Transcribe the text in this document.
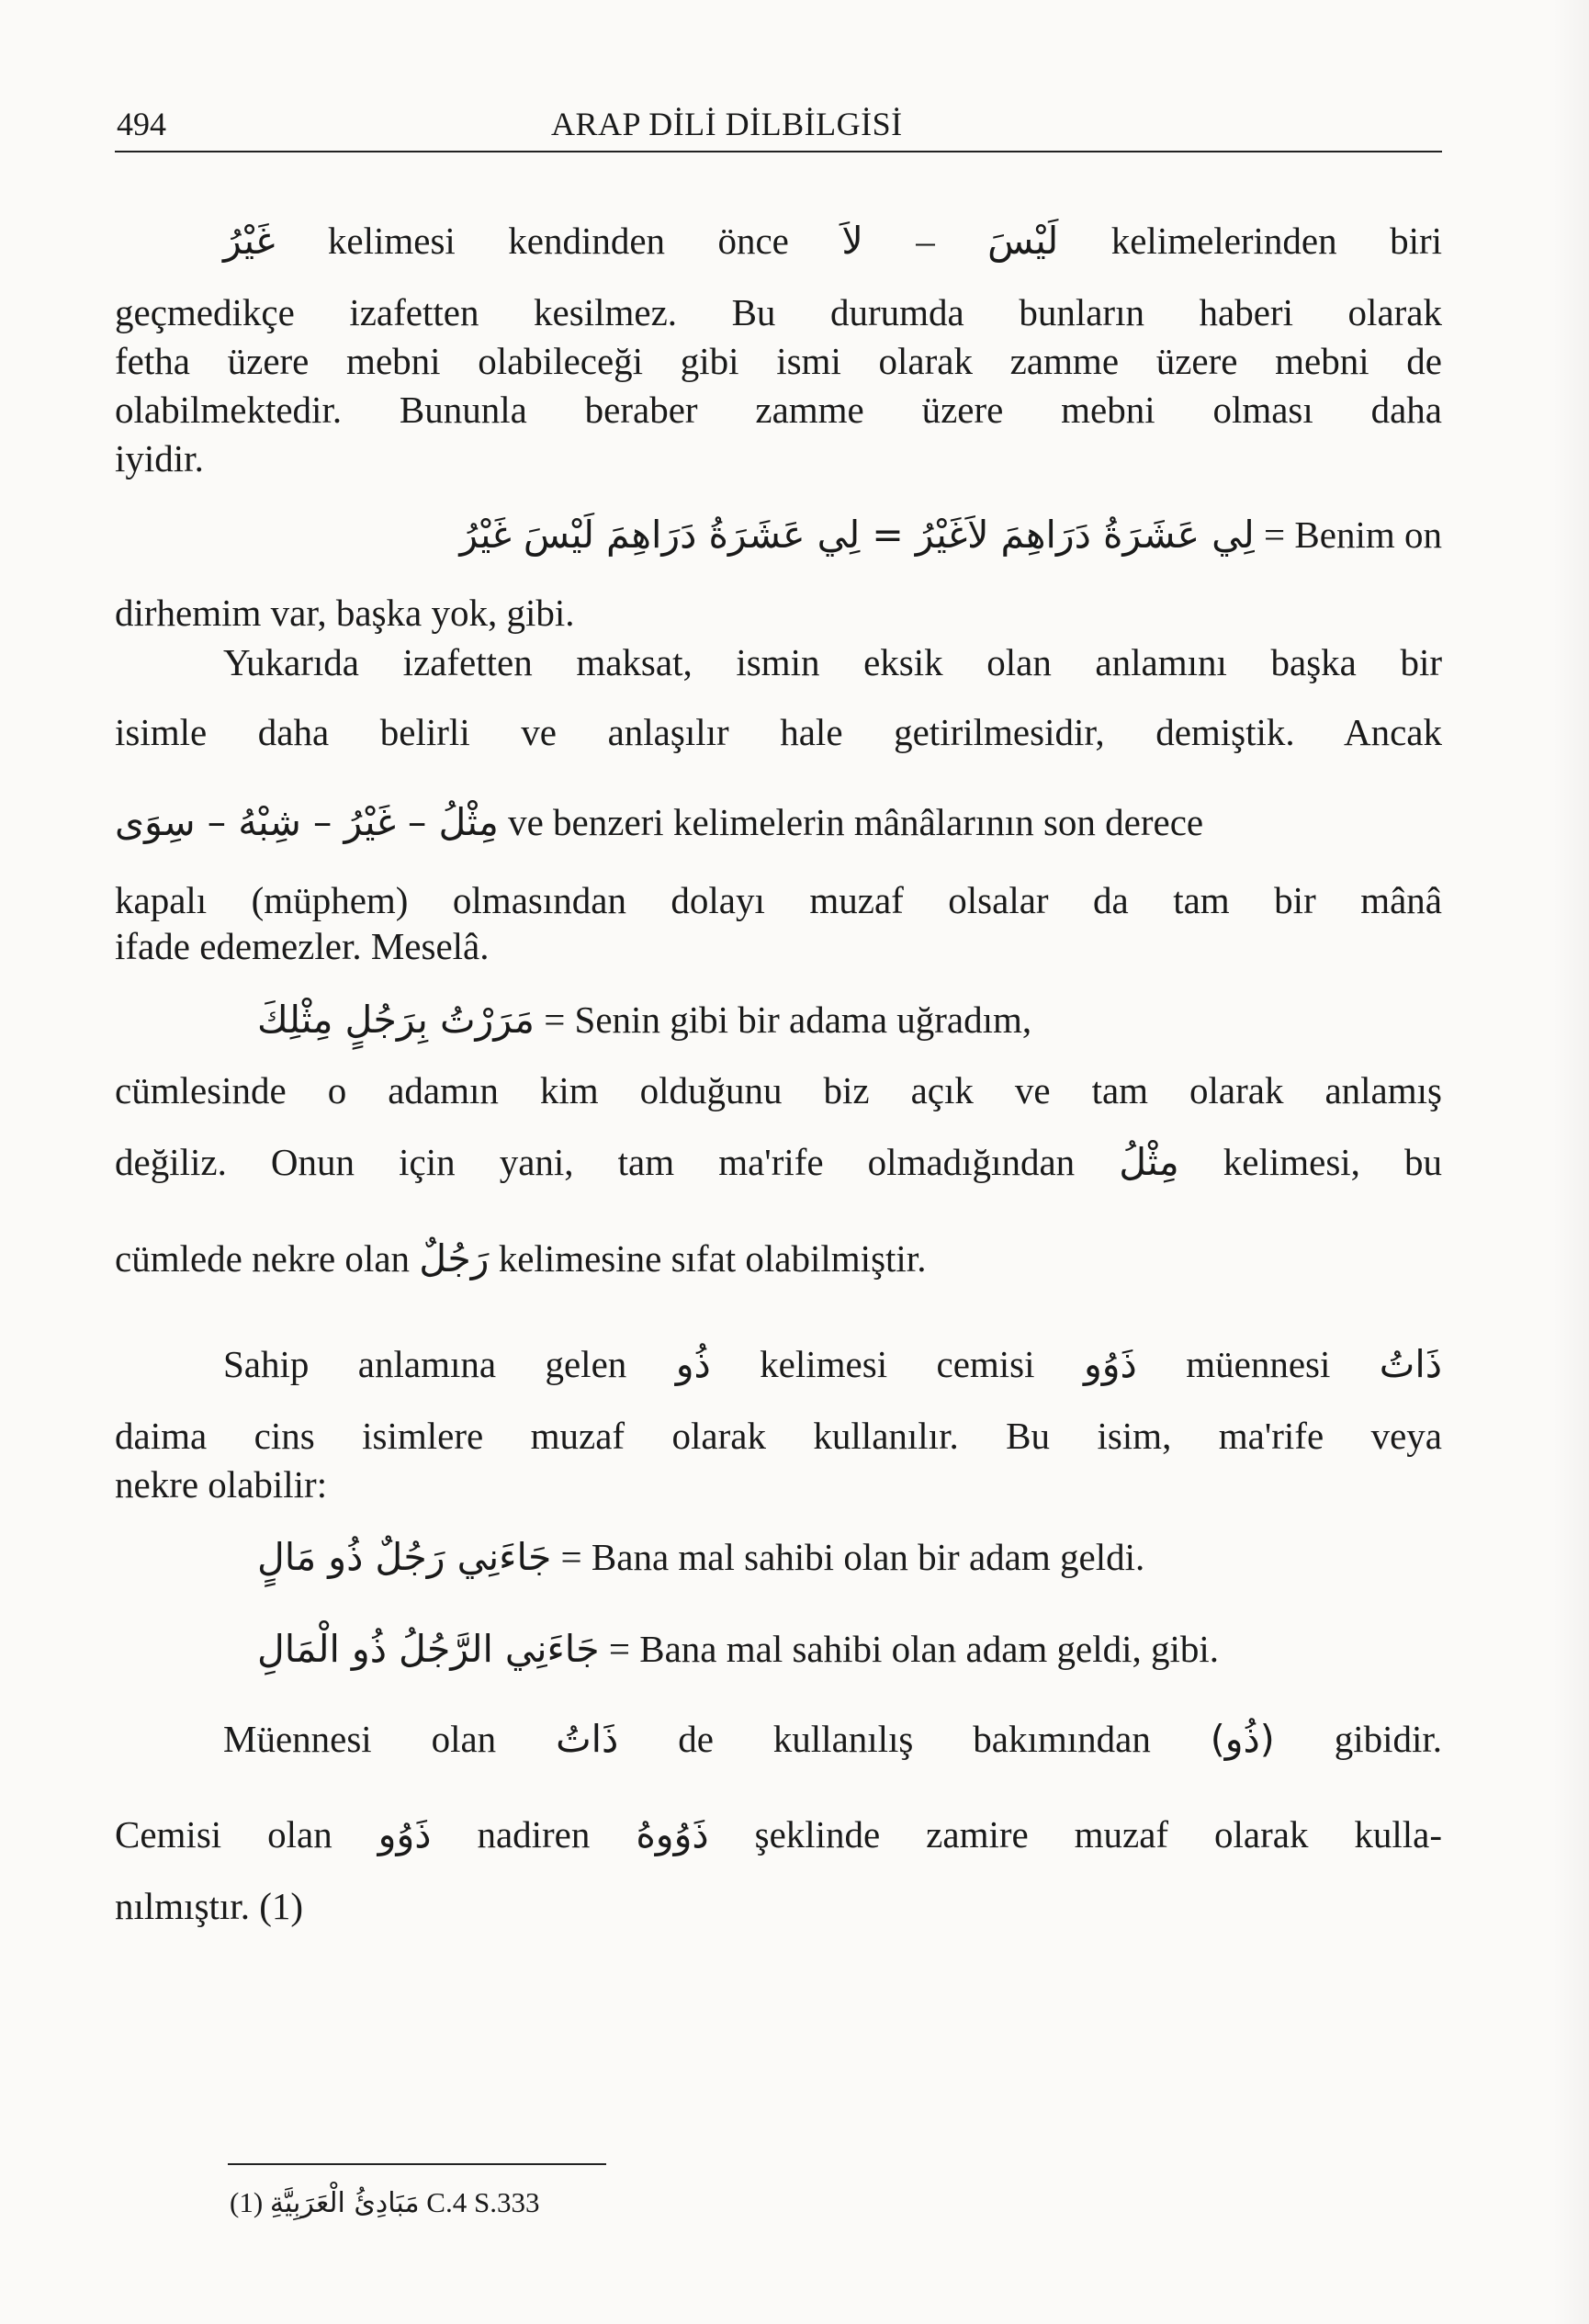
494	ARAP DİLİ DİLBİLGİSİ
غَيْرُ kelimesi kendinden önce لاَ – لَيْسَ kelimelerinden biri
geçmedikçe izafetten kesilmez. Bu durumda bunların haberi olarak
fetha üzere mebni olabileceği gibi ismi olarak zamme üzere mebni de
olabilmektedir. Bununla beraber zamme üzere mebni olması daha
iyidir.
لِي عَشَرَةُ دَرَاهِمَ لاَغَيْرُ = لِي عَشَرَةُ دَرَاهِمَ لَيْسَ غَيْرُ = Benim on
dirhemim var, başka yok, gibi.
Yukarıda izafetten maksat, ismin eksik olan anlamını başka bir
isimle daha belirli ve anlaşılır hale getirilmesidir, demiştik. Ancak
مِثْلُ – غَيْرُ – شِبْهُ – سِوَى ve benzeri kelimelerin mânâlarının son derece
kapalı (müphem) olmasından dolayı muzaf olsalar da tam bir mânâ
ifade edemezler. Meselâ.
مَرَرْتُ بِرَجُلٍ مِثْلِكَ = Senin gibi bir adama uğradım,
cümlesinde o adamın kim olduğunu biz açık ve tam olarak anlamış
değiliz. Onun için yani, tam ma'rife olmadığından مِثْلُ kelimesi, bu
cümlede nekre olan رَجُلٌ kelimesine sıfat olabilmiştir.
Sahip anlamına gelen ذُو kelimesi cemisi ذَوُو müennesi ذَاتُ
daima cins isimlere muzaf olarak kullanılır. Bu isim, ma'rife veya
nekre olabilir:
جَاءَنِي رَجُلٌ ذُو مَالٍ = Bana mal sahibi olan bir adam geldi.
جَاءَنِي الرَّجُلُ ذُو الْمَالِ = Bana mal sahibi olan adam geldi, gibi.
Müennesi olan ذَاتُ de kullanılış bakımından (ذُو) gibidir.
Cemisi olan ذَوُو nadiren ذَوُوهُ şeklinde zamire muzaf olarak kulla-
nılmıştır. (1)
(1) مَبَادِئُ الْعَرَبِيَّةِ C.4 S.333
